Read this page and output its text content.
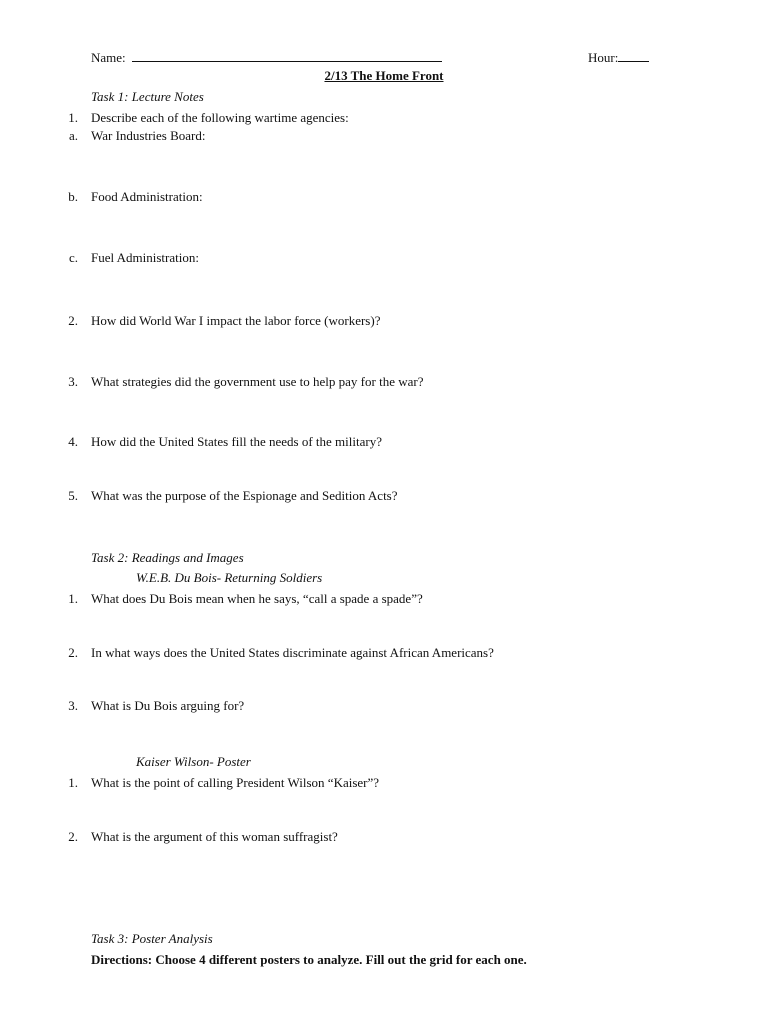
Name:	Hour:
2/13 The Home Front
Task 1: Lecture Notes
1. Describe each of the following wartime agencies:
a. War Industries Board:
b. Food Administration:
c. Fuel Administration:
2. How did World War I impact the labor force (workers)?
3. What strategies did the government use to help pay for the war?
4. How did the United States fill the needs of the military?
5. What was the purpose of the Espionage and Sedition Acts?
Task 2: Readings and Images
W.E.B. Du Bois- Returning Soldiers
1. What does Du Bois mean when he says, “call a spade a spade”?
2. In what ways does the United States discriminate against African Americans?
3. What is Du Bois arguing for?
Kaiser Wilson- Poster
1. What is the point of calling President Wilson “Kaiser”?
2. What is the argument of this woman suffragist?
Task 3: Poster Analysis
Directions: Choose 4 different posters to analyze. Fill out the grid for each one.
